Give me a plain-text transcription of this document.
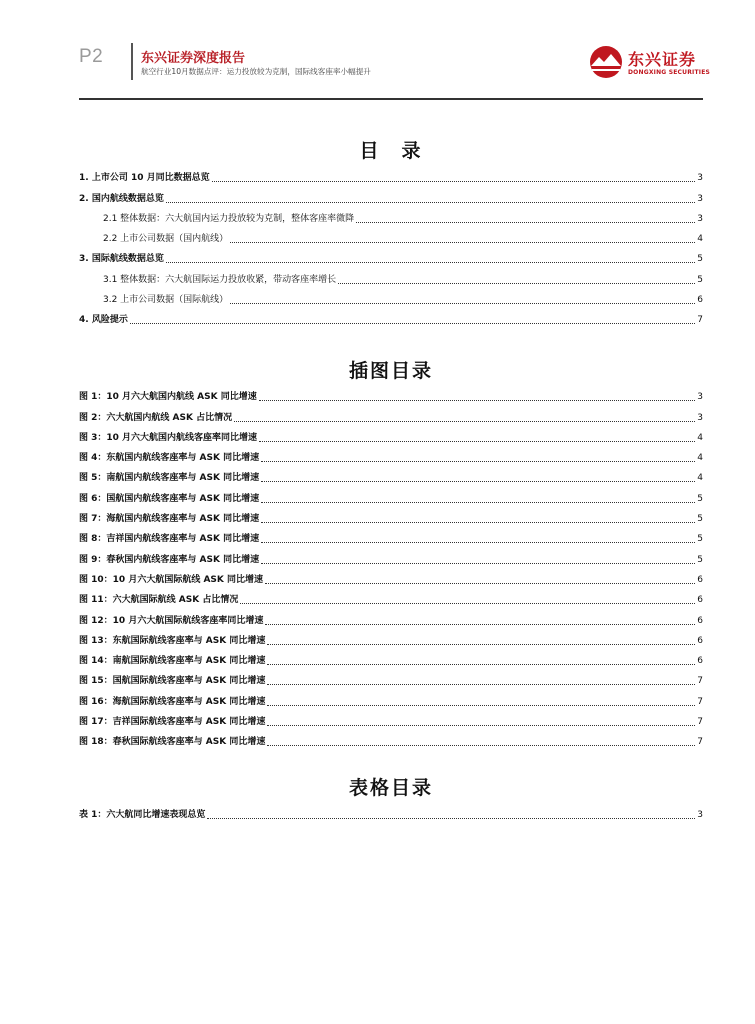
P2	东兴证券深度报告
航空行业10月数据点评：运力投放较为克制，国际线客座率小幅提升
东兴证券
DONGXING SECURITIES
目　录
1. 上市公司 10 月同比数据总览	3
2. 国内航线数据总览	3
2.1 整体数据：六大航国内运力投放较为克制，整体客座率微降	3
2.2 上市公司数据（国内航线）	4
3. 国际航线数据总览	5
3.1 整体数据：六大航国际运力投放收紧，带动客座率增长	5
3.2 上市公司数据（国际航线）	6
4. 风险提示	7
插图目录
图 1：10 月六大航国内航线 ASK 同比增速	3
图 2：六大航国内航线 ASK 占比情况	3
图 3：10 月六大航国内航线客座率同比增速	4
图 4：东航国内航线客座率与 ASK 同比增速	4
图 5：南航国内航线客座率与 ASK 同比增速	4
图 6：国航国内航线客座率与 ASK 同比增速	5
图 7：海航国内航线客座率与 ASK 同比增速	5
图 8：吉祥国内航线客座率与 ASK 同比增速	5
图 9：春秋国内航线客座率与 ASK 同比增速	5
图 10：10 月六大航国际航线 ASK 同比增速	6
图 11：六大航国际航线 ASK 占比情况	6
图 12：10 月六大航国际航线客座率同比增速	6
图 13：东航国际航线客座率与 ASK 同比增速	6
图 14：南航国际航线客座率与 ASK 同比增速	6
图 15：国航国际航线客座率与 ASK 同比增速	7
图 16：海航国际航线客座率与 ASK 同比增速	7
图 17：吉祥国际航线客座率与 ASK 同比增速	7
图 18：春秋国际航线客座率与 ASK 同比增速	7
表格目录
表 1：六大航同比增速表现总览	3
